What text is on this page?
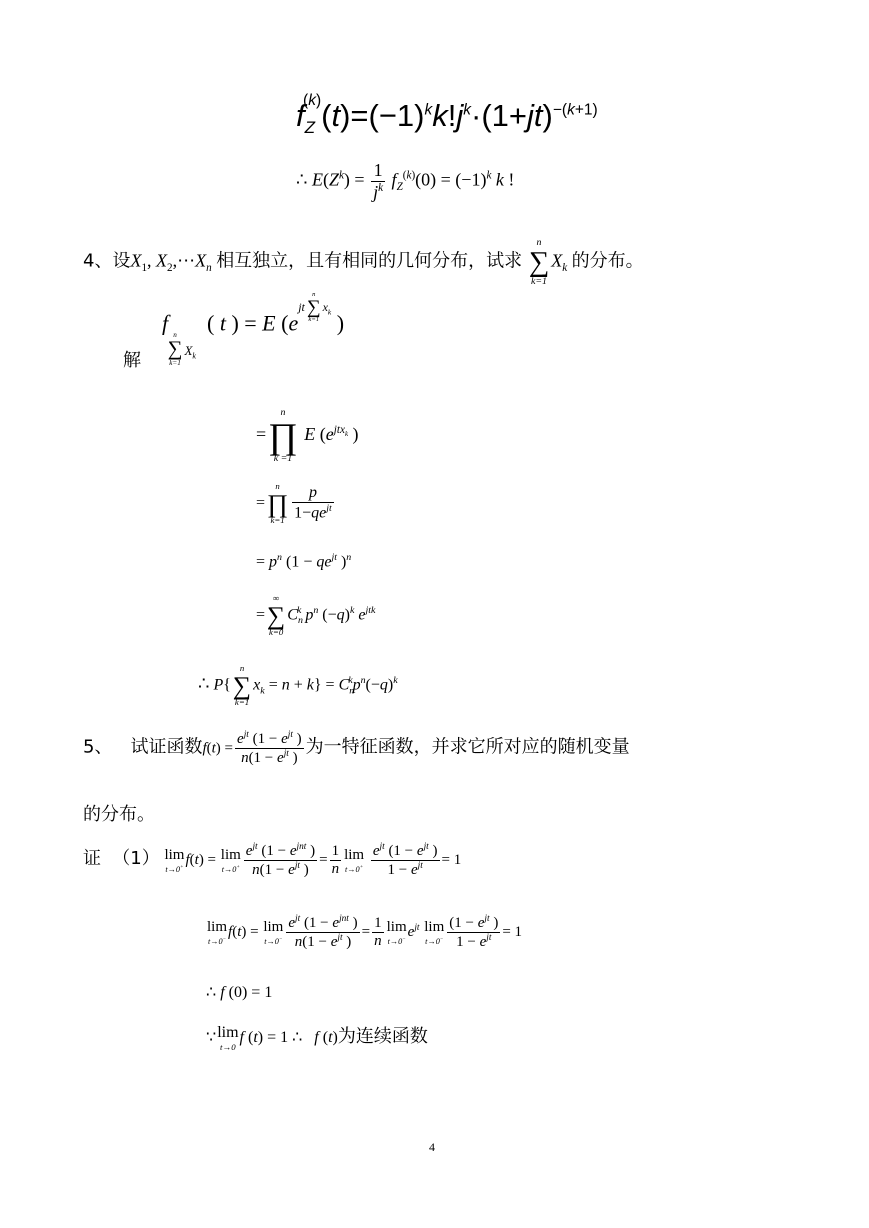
$f_Z^{(k)}(t)=(-1)^kk!j^k\cdot(1+jt)^{-(k+1)}$
∴ $E(Z^k) = \frac{1}{j^k} f_Z^{(k)}(0) = (-1)^k$ k !
4、设$X_1$, $X_2,\cdots X_n$ 相互独立，且有相同的几何分布，试求
n
∑
k=1
$X_k$ 的分布。
解
f n
∑
k=1
$_{X_k}$  ( t ) = E ($e^{jt n \sum k=1 x_k}$ )
=
n
∏
k =1
E ($e^{jtx_k}$ )
=
n
∏
$k=1 \frac{p}{1-qe^{jt}}$
= $p^n$ ($1 - qe^{jt}$ )$^n$
=
∞
∑
k=0
$C_n^k$ $p^n$ $(-q)^k$ $e^{jtk}$
∴ P{
n
∑
k=1
$x_k = n + k\} = C_n^kp^n(-q)^k$
5、 试证函数$f(t) = \frac{e^{jt} (1 - e^{jt} )}{n(1 - e^{jt} )}$ 为一特征函数，并求它所对应的随机变量
的分布。
证 （1） lim
t→0+ f(t) = lim
$t\to 0^+ \frac{e^{jt} (1 - e^{jnt} )}{n(1 - e^{jt} )} = \frac{1}{n}$ lim
t→0+
$\frac{e^{jt} (1 - e^{jt} )}{1 - e^{jt}} = 1$
lim
t→0− f(t) = lim
$t\to 0^- \frac{e^{jt} (1 - e^{jnt} )}{n(1 - e^{jt} )} = \frac{1}{n}$ lim
t→0− $e^{jt}$ lim
$t\to 0^- \frac{(1 - e^{jt} )}{1 - e^{jt}} = 1$
∴ f (0) = 1
∵ lim
t→0
f (t) = 1 ∴   f (t)为连续函数
4
